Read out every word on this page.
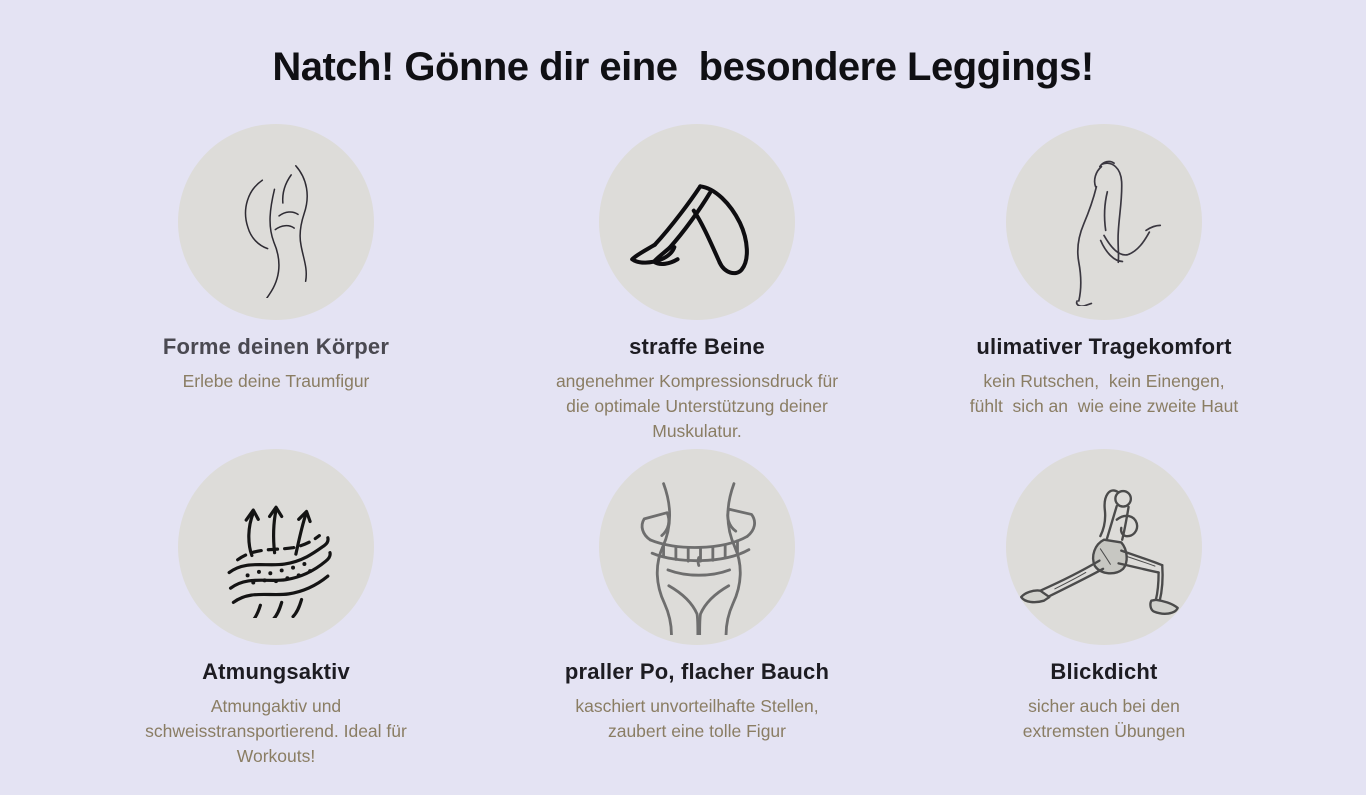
Natch! Gönne dir eine  besondere Leggings!
Forme deinen Körper
Erlebe deine Traumfigur
straffe Beine
angenehmer Kompressionsdruck für
die optimale Unterstützung deiner
Muskulatur.
ulimativer Tragekomfort
kein Rutschen,  kein Einengen,
fühlt  sich an  wie eine zweite Haut
Atmungsaktiv
Atmungaktiv und
schweisstransportierend. Ideal für
Workouts!
praller Po, flacher Bauch
kaschiert unvorteilhafte Stellen,
zaubert eine tolle Figur
Blickdicht
sicher auch bei den
extremsten Übungen
